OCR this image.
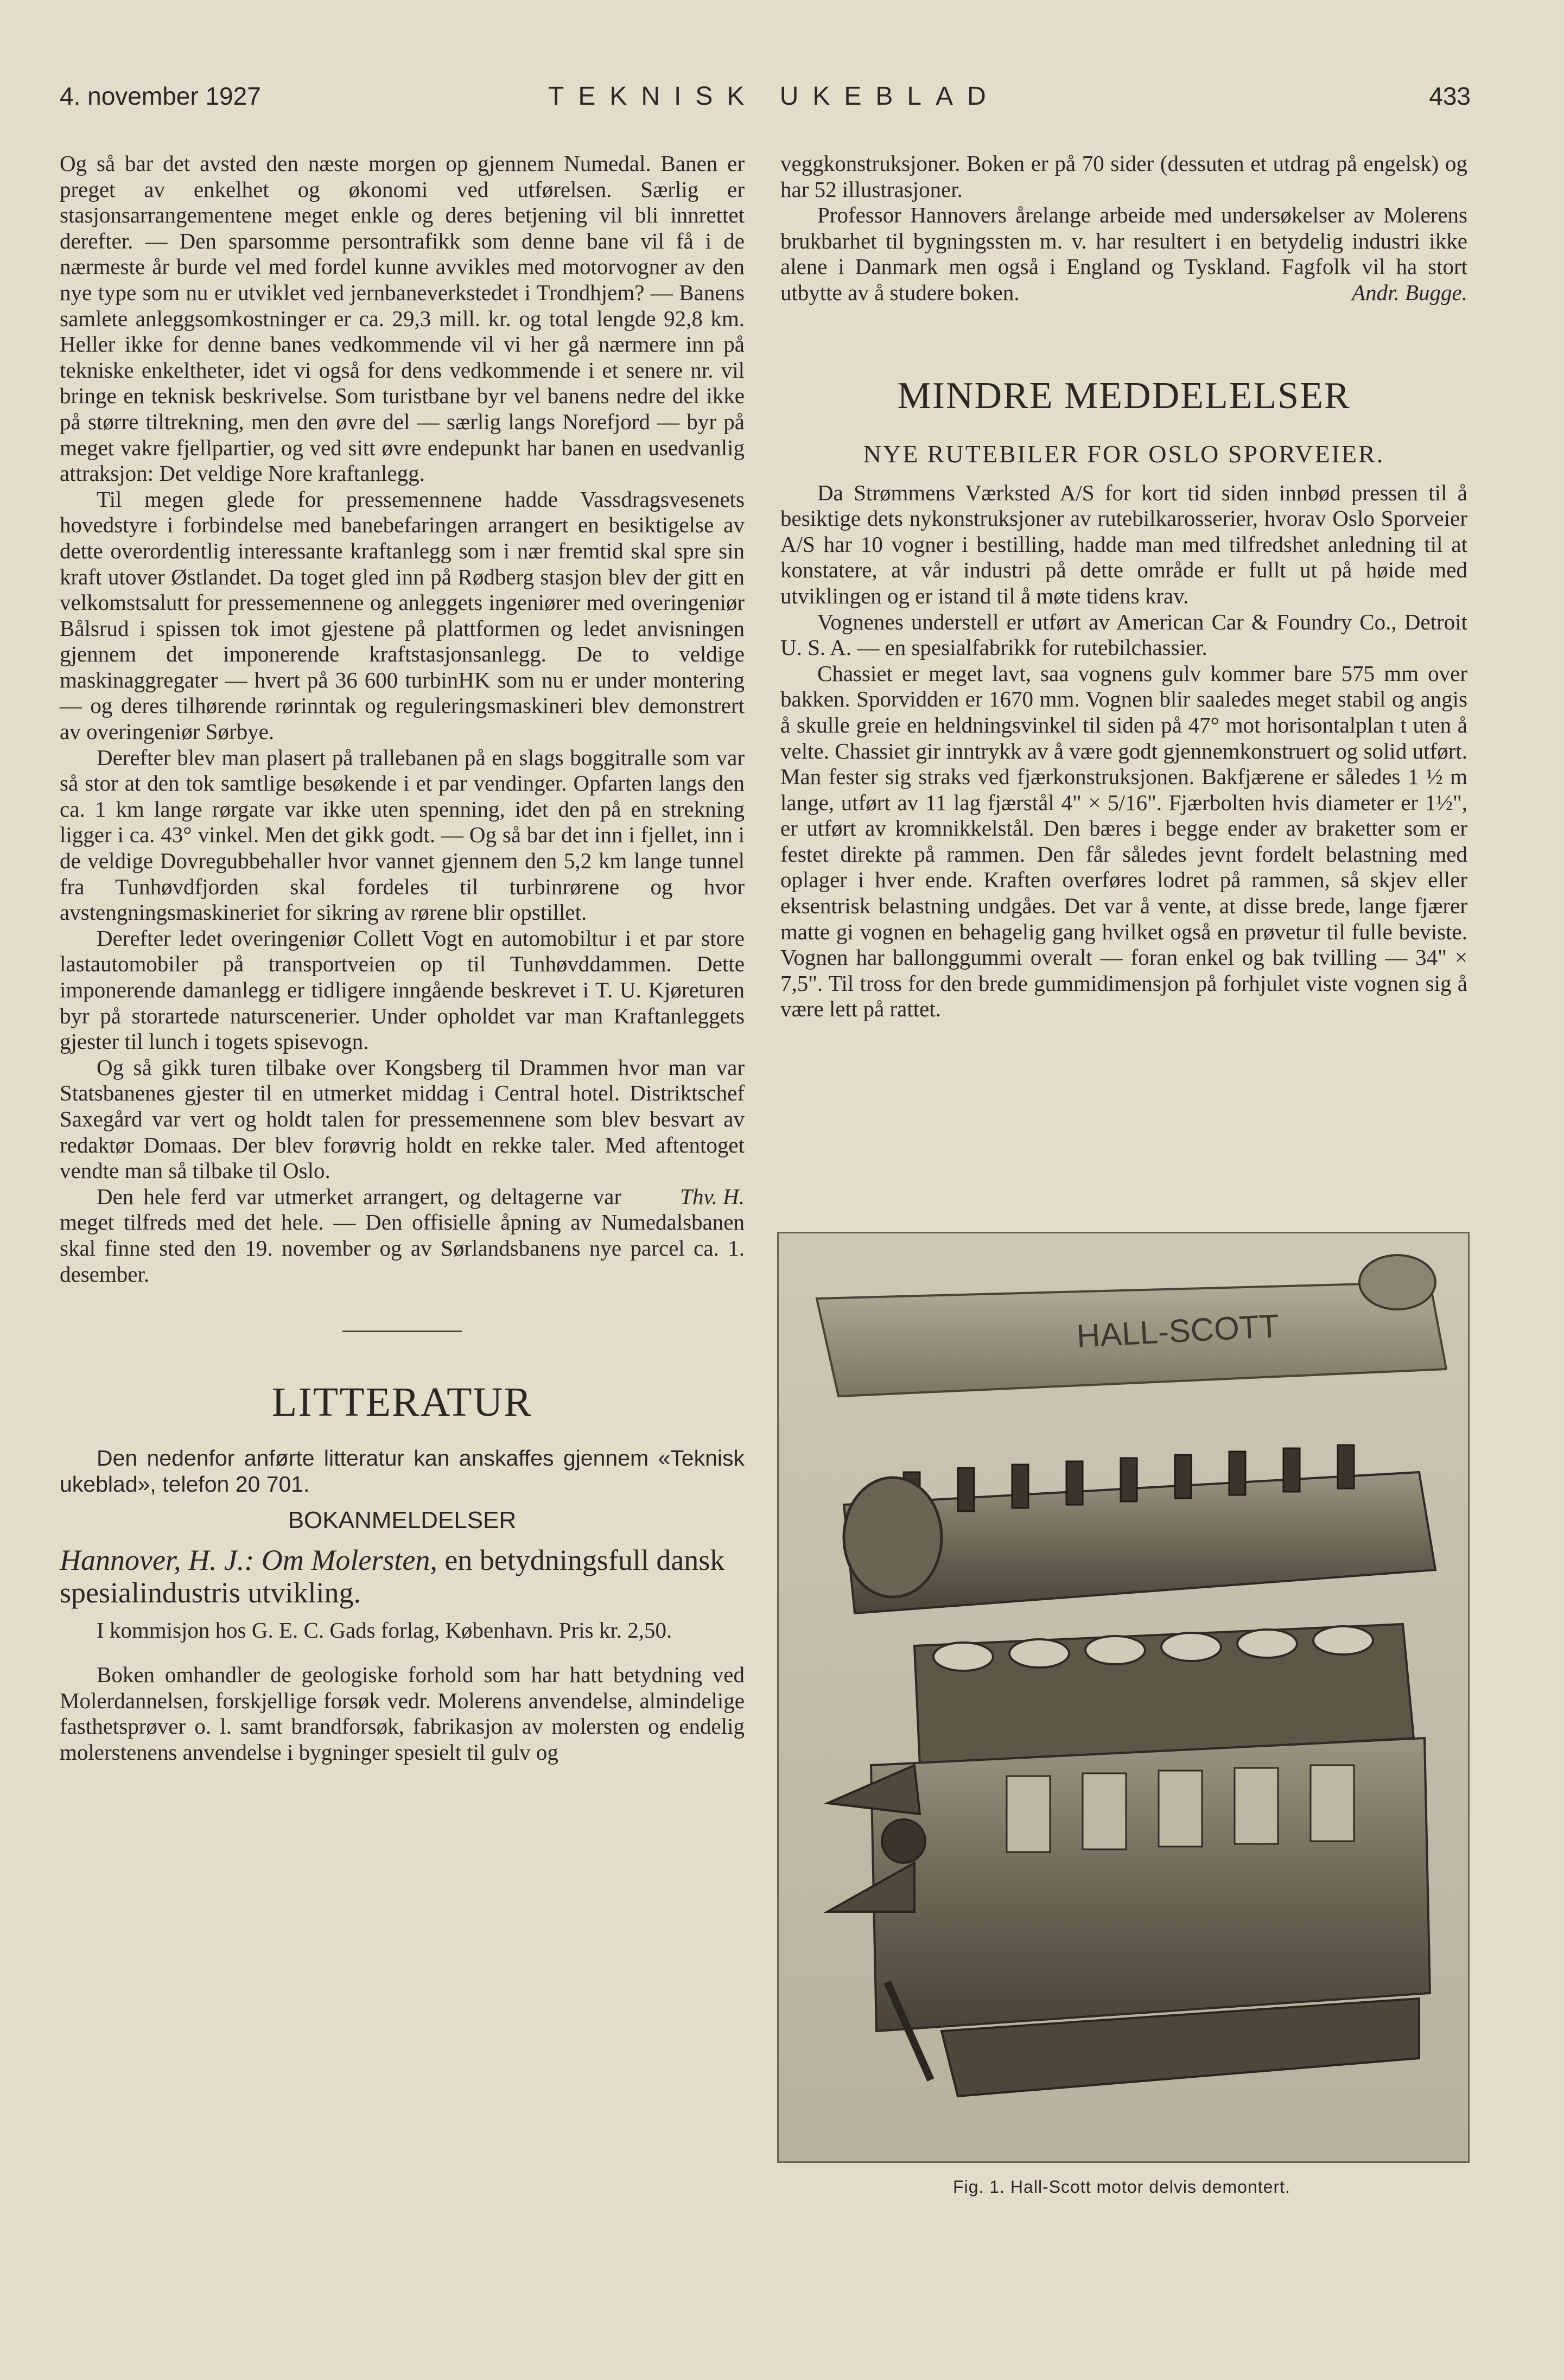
4. november 1927	TEKNISK UKEBLAD	433

Og så bar det avsted den næste morgen op gjennem Numedal. Banen er preget av enkelhet og økonomi ved utførelsen. Særlig er stasjonsarrangementene meget enkle og deres betjening vil bli innrettet derefter. — Den sparsomme persontrafikk som denne bane vil få i de nærmeste år burde vel med fordel kunne avvikles med motorvogner av den nye type som nu er utviklet ved jernbaneverkstedet i Trondhjem? — Banens samlete anleggsomkostninger er ca. 29,3 mill. kr. og total lengde 92,8 km. Heller ikke for denne banes vedkommende vil vi her gå nærmere inn på tekniske enkeltheter, idet vi også for dens vedkommende i et senere nr. vil bringe en teknisk beskrivelse. Som turistbane byr vel banens nedre del ikke på større tiltrekning, men den øvre del — særlig langs Norefjord — byr på meget vakre fjellpartier, og ved sitt øvre endepunkt har banen en usedvanlig attraksjon: Det veldige Nore kraftanlegg.

Til megen glede for pressemennene hadde Vassdragsvesenets hovedstyre i forbindelse med banebefaringen arrangert en besiktigelse av dette overordentlig interessante kraftanlegg som i nær fremtid skal spre sin kraft utover Østlandet. Da toget gled inn på Rødberg stasjon blev der gitt en velkomstsalutt for pressemennene og anleggets ingeniører med overingeniør Bålsrud i spissen tok imot gjestene på plattformen og ledet anvisningen gjennem det imponerende kraftstasjonsanlegg. De to veldige maskinaggregater — hvert på 36 600 turbinHK som nu er under montering — og deres tilhørende rørinntak og reguleringsmaskineri blev demonstrert av overingeniør Sørbye.

Derefter blev man plasert på trallebanen på en slags boggitralle som var så stor at den tok samtlige besøkende i et par vendinger. Opfarten langs den ca. 1 km lange rørgate var ikke uten spenning, idet den på en strekning ligger i ca. 43° vinkel. Men det gikk godt. — Og så bar det inn i fjellet, inn i de veldige Dovregubbehaller hvor vannet gjennem den 5,2 km lange tunnel fra Tunhøvdfjorden skal fordeles til turbinrørene og hvor avstengningsmaskineriet for sikring av rørene blir opstillet.

Derefter ledet overingeniør Collett Vogt en automobiltur i et par store lastautomobiler på transportveien op til Tunhøvddammen. Dette imponerende damanlegg er tidligere inngående beskrevet i T. U. Kjøreturen byr på storartede naturscenerier. Under opholdet var man Kraftanleggets gjester til lunch i togets spisevogn.

Og så gikk turen tilbake over Kongsberg til Drammen hvor man var Statsbanenes gjester til en utmerket middag i Central hotel. Distriktschef Saxegård var vert og holdt talen for pressemennene som blev besvart av redaktør Domaas. Der blev forøvrig holdt en rekke taler. Med aftentoget vendte man så tilbake til Oslo.

Thv. H.
Den hele ferd var utmerket arrangert, og deltagerne var meget tilfreds med det hele. — Den offisielle åpning av Numedalsbanen skal finne sted den 19. november og av Sørlandsbanens nye parcel ca. 1. desember.

LITTERATUR

Den nedenfor anførte litteratur kan anskaffes gjennem «Teknisk ukeblad», telefon 20 701.

BOKANMELDELSER

Hannover, H. J.: Om Molersten, en betydningsfull dansk spesialindustris utvikling.

I kommisjon hos G. E. C. Gads forlag, København. Pris kr. 2,50.

Boken omhandler de geologiske forhold som har hatt betydning ved Molerdannelsen, forskjellige forsøk vedr. Molerens anvendelse, almindelige fasthetsprøver o. l. samt brandforsøk, fabrikasjon av molersten og endelig molerstenens anvendelse i bygninger spesielt til gulv og

veggkonstruksjoner. Boken er på 70 sider (dessuten et utdrag på engelsk) og har 52 illustrasjoner.

Professor Hannovers årelange arbeide med undersøkelser av Molerens brukbarhet til bygningssten m. v. har resultert i en betydelig industri ikke alene i Danmark men også i England og Tyskland. Fagfolk vil ha stort utbytte av å studere boken.	Andr. Bugge.

MINDRE MEDDELELSER
NYE RUTEBILER FOR OSLO SPORVEIER.

Da Strømmens Værksted A/S for kort tid siden innbød pressen til å besiktige dets nykonstruksjoner av rutebilkarosserier, hvorav Oslo Sporveier A/S har 10 vogner i bestilling, hadde man med tilfredshet anledning til at konstatere, at vår industri på dette område er fullt ut på høide med utviklingen og er istand til å møte tidens krav.

Vognenes understell er utført av American Car & Foundry Co., Detroit U. S. A. — en spesialfabrikk for rutebilchassier.

Chassiet er meget lavt, saa vognens gulv kommer bare 575 mm over bakken. Sporvidden er 1670 mm. Vognen blir saaledes meget stabil og angis å skulle greie en heldningsvinkel til siden på 47° mot horisontalplan t uten å velte. Chassiet gir inntrykk av å være godt gjennemkonstruert og solid utført. Man fester sig straks ved fjærkonstruksjonen. Bakfjærene er således 1 ½ m lange, utført av 11 lag fjærstål 4" × 5/16". Fjærbolten hvis diameter er 1½", er utført av kromnikkelstål. Den bæres i begge ender av braketter som er festet direkte på rammen. Den får således jevnt fordelt belastning med oplager i hver ende. Kraften overføres lodret på rammen, så skjev eller eksentrisk belastning undgåes. Det var å vente, at disse brede, lange fjærer matte gi vognen en behagelig gang hvilket også en prøvetur til fulle beviste. Vognen har ballonggummi overalt — foran enkel og bak tvilling — 34" × 7,5". Til tross for den brede gummidimensjon på forhjulet viste vognen sig å være lett på rattet.

HALL-SCOTT
Fig. 1. Hall-Scott motor delvis demontert.
